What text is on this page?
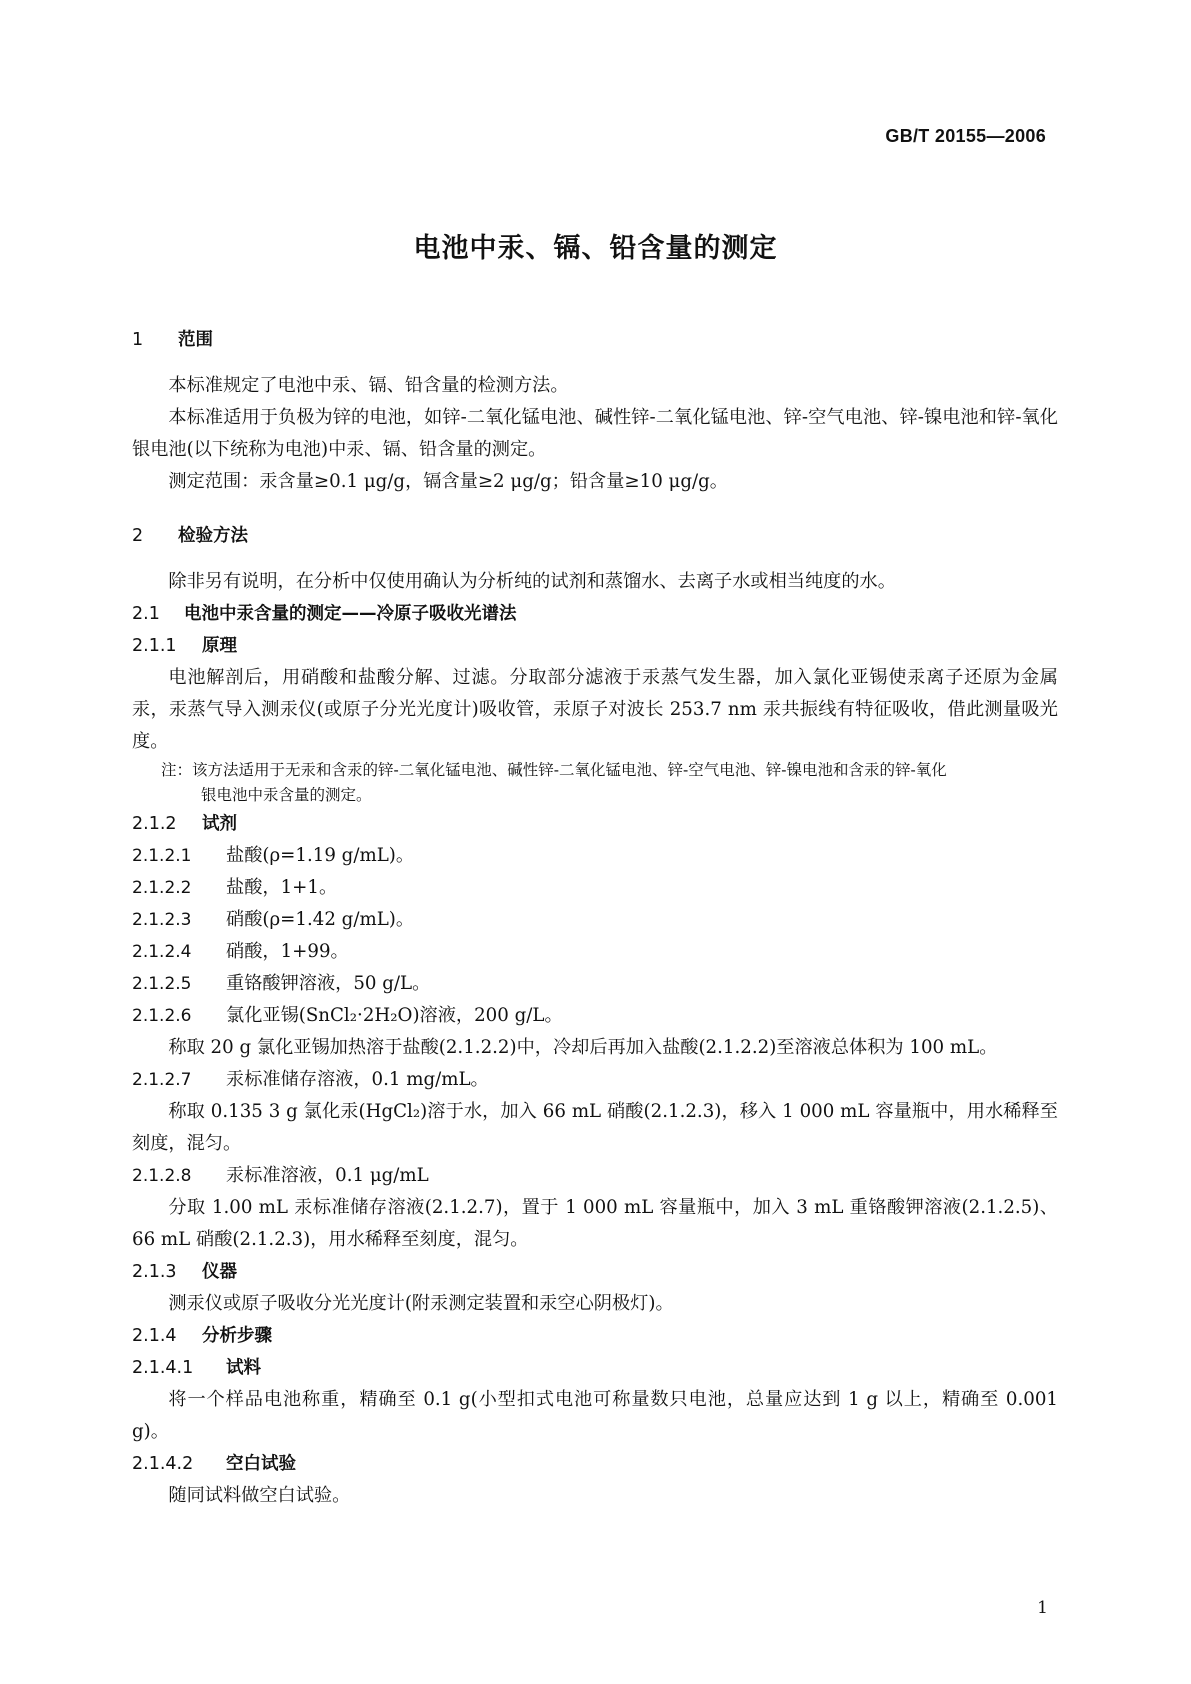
GB/T 20155—2006
电池中汞、镉、铅含量的测定
1 范围
本标准规定了电池中汞、镉、铅含量的检测方法。
本标准适用于负极为锌的电池，如锌-二氧化锰电池、碱性锌-二氧化锰电池、锌-空气电池、锌-镍电池和锌-氧化银电池(以下统称为电池)中汞、镉、铅含量的测定。
测定范围：汞含量≥0.1 μg/g，镉含量≥2 μg/g；铅含量≥10 μg/g。
2 检验方法
除非另有说明，在分析中仅使用确认为分析纯的试剂和蒸馏水、去离子水或相当纯度的水。
2.1 电池中汞含量的测定——冷原子吸收光谱法
2.1.1 原理
电池解剖后，用硝酸和盐酸分解、过滤。分取部分滤液于汞蒸气发生器，加入氯化亚锡使汞离子还原为金属汞，汞蒸气导入测汞仪(或原子分光光度计)吸收管，汞原子对波长 253.7 nm 汞共振线有特征吸收，借此测量吸光度。
注：该方法适用于无汞和含汞的锌-二氧化锰电池、碱性锌-二氧化锰电池、锌-空气电池、锌-镍电池和含汞的锌-氧化
银电池中汞含量的测定。
2.1.2 试剂
2.1.2.1 盐酸(ρ=1.19 g/mL)。
2.1.2.2 盐酸，1+1。
2.1.2.3 硝酸(ρ=1.42 g/mL)。
2.1.2.4 硝酸，1+99。
2.1.2.5 重铬酸钾溶液，50 g/L。
2.1.2.6 氯化亚锡(SnCl₂·2H₂O)溶液，200 g/L。
称取 20 g 氯化亚锡加热溶于盐酸(2.1.2.2)中，冷却后再加入盐酸(2.1.2.2)至溶液总体积为 100 mL。
2.1.2.7 汞标准储存溶液，0.1 mg/mL。
称取 0.135 3 g 氯化汞(HgCl₂)溶于水，加入 66 mL 硝酸(2.1.2.3)，移入 1 000 mL 容量瓶中，用水稀释至刻度，混匀。
2.1.2.8 汞标准溶液，0.1 μg/mL
分取 1.00 mL 汞标准储存溶液(2.1.2.7)，置于 1 000 mL 容量瓶中，加入 3 mL 重铬酸钾溶液(2.1.2.5)、66 mL 硝酸(2.1.2.3)，用水稀释至刻度，混匀。
2.1.3 仪器
测汞仪或原子吸收分光光度计(附汞测定装置和汞空心阴极灯)。
2.1.4 分析步骤
2.1.4.1 试料
将一个样品电池称重，精确至 0.1 g(小型扣式电池可称量数只电池，总量应达到 1 g 以上，精确至 0.001 g)。
2.1.4.2 空白试验
随同试料做空白试验。
1
